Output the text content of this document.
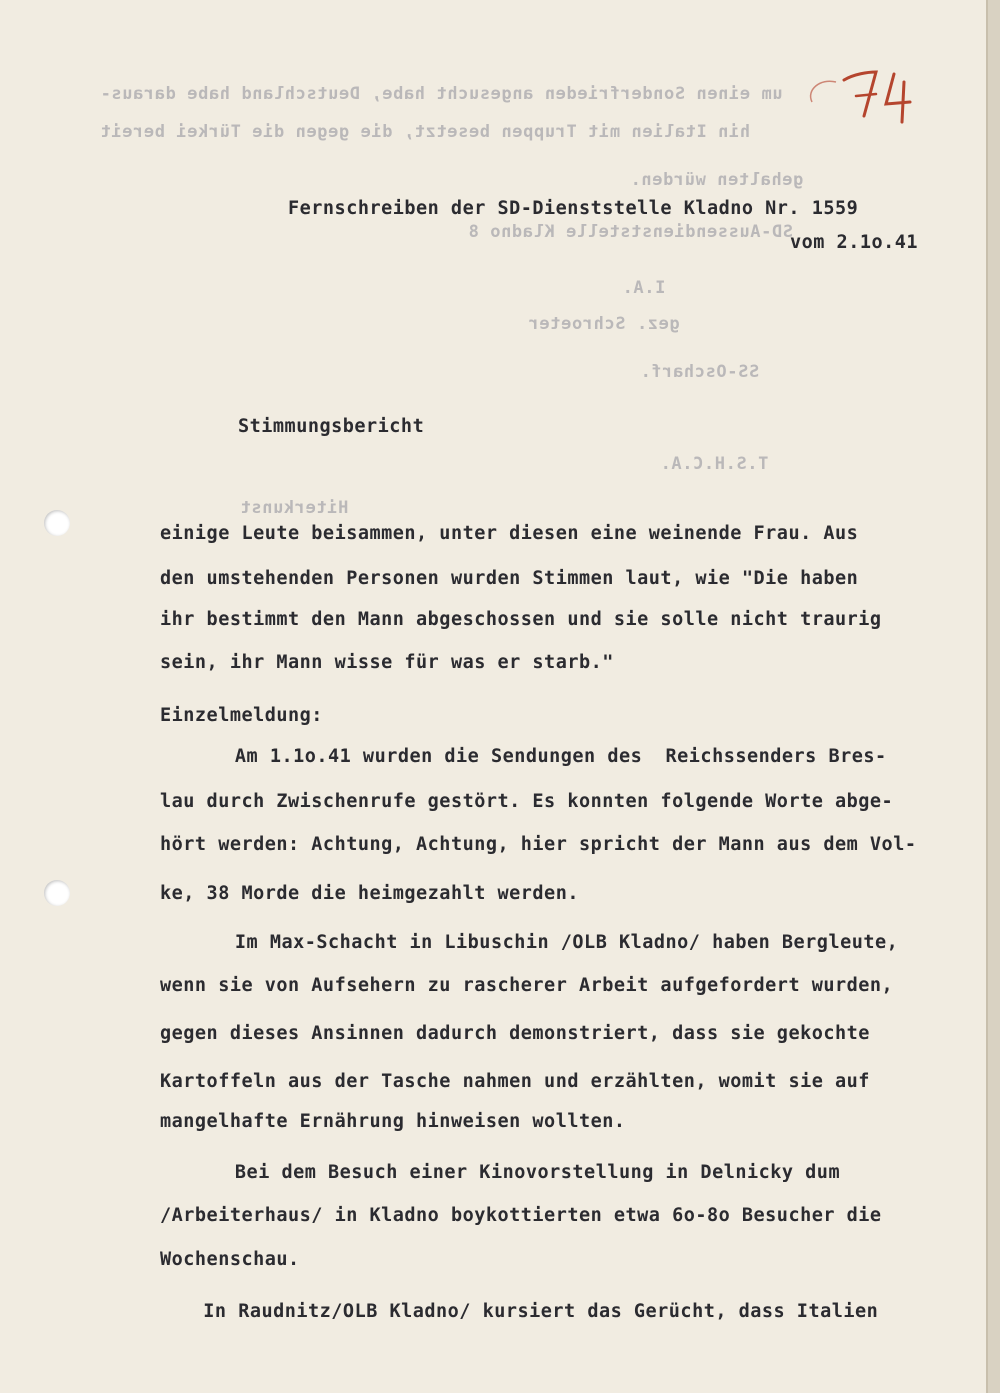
um einen Sonderfrieden angesucht habe, Deutschland habe daraus-
hin Italien mit Truppen besetzt, die gegen die Türkei bereit
gehalten würden.
SD-Aussendienststelle Kladno 8
I.A.
gez. Schroeter
SS-Oscharf.
T.S.H.C.A.
Hiterkunst
Fernschreiben der SD-Dienststelle Kladno Nr. 1559
vom 2.1o.41
Stimmungsbericht
einige Leute beisammen, unter diesen eine weinende Frau. Aus
den umstehenden Personen wurden Stimmen laut, wie "Die haben
ihr bestimmt den Mann abgeschossen und sie solle nicht traurig
sein, ihr Mann wisse für was er starb."
Einzelmeldung:
Am 1.1o.41 wurden die Sendungen des  Reichssenders Bres-
lau durch Zwischenrufe gestört. Es konnten folgende Worte abge-
hört werden: Achtung, Achtung, hier spricht der Mann aus dem Vol-
ke, 38 Morde die heimgezahlt werden.
Im Max-Schacht in Libuschin /OLB Kladno/ haben Bergleute,
wenn sie von Aufsehern zu rascherer Arbeit aufgefordert wurden,
gegen dieses Ansinnen dadurch demonstriert, dass sie gekochte
Kartoffeln aus der Tasche nahmen und erzählten, womit sie auf
mangelhafte Ernährung hinweisen wollten.
Bei dem Besuch einer Kinovorstellung in Delnicky dum
/Arbeiterhaus/ in Kladno boykottierten etwa 6o-8o Besucher die
Wochenschau.
In Raudnitz/OLB Kladno/ kursiert das Gerücht, dass Italien
